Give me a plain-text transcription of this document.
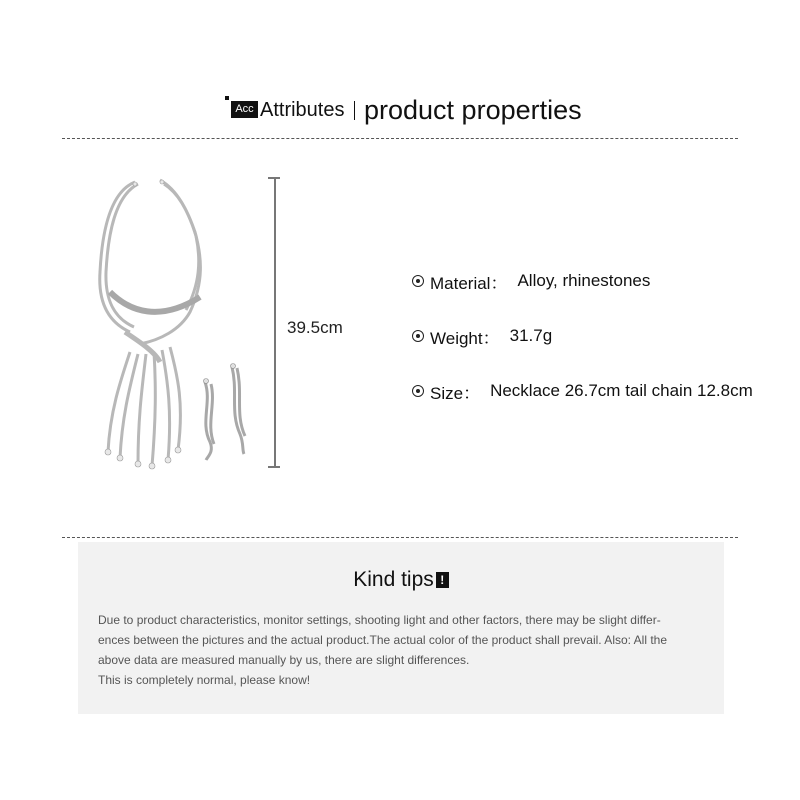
Acc Attributes product properties
39.5cm
Material： Alloy, rhinestones
Weight： 31.7g
Size： Necklace 26.7cm tail chain 12.8cm
Kind tips !

Due to product characteristics, monitor settings, shooting light and other factors, there may be slight differ-

ences between the pictures and the actual product.The actual color of the product shall prevail. Also: All the

above data are measured manually by us, there are slight differences.

This is completely normal, please know!
